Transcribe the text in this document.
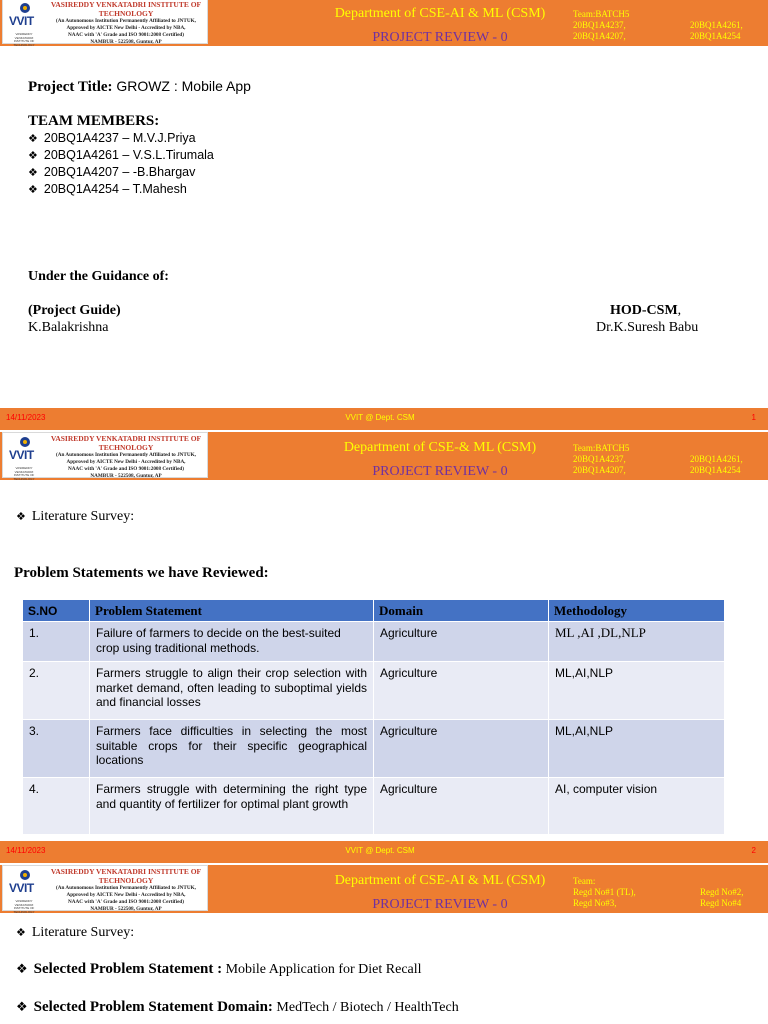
VVIT
VASIREDDY VENKATADRI
INSTITUTE OF TECHNOLOGY
VASIREDDY VENKATADRI INSTITUTE OF TECHNOLOGY
(An Autonomous Institution Permanently Affiliated to JNTUK,
Approved by AICTE New Delhi - Accredited by NBA,
NAAC with 'A' Grade and ISO 9001:2008 Certified)
NAMBUR - 522508, Guntur, AP
Department of CSE-AI & ML (CSM)
PROJECT REVIEW - 0
Team:BATCH5
20BQ1A4237,
20BQ1A4207,
20BQ1A4261,
20BQ1A4254
Project Title: GROWZ : Mobile App
TEAM MEMBERS:
❖ 20BQ1A4237 – M.V.J.Priya
❖ 20BQ1A4261 – V.S.L.Tirumala
❖ 20BQ1A4207 – -B.Bhargav
❖ 20BQ1A4254 – T.Mahesh
Under the Guidance of:
(Project Guide)
K.Balakrishna
HOD-CSM,
Dr.K.Suresh Babu
14/11/2023	VVIT @ Dept. CSM	1
VVIT
VASIREDDY VENKATADRI
INSTITUTE OF TECHNOLOGY
VASIREDDY VENKATADRI INSTITUTE OF TECHNOLOGY
(An Autonomous Institution Permanently Affiliated to JNTUK,
Approved by AICTE New Delhi - Accredited by NBA,
NAAC with 'A' Grade and ISO 9001:2008 Certified)
NAMBUR - 522508, Guntur, AP
Department of CSE-& ML (CSM)
PROJECT REVIEW - 0
Team:BATCH5
20BQ1A4237,
20BQ1A4207,
20BQ1A4261,
20BQ1A4254
❖ Literature Survey:
Problem Statements we have Reviewed:
S.NO	Problem Statement	Domain	Methodology
1.	Failure of farmers to decide on the best-suited crop using traditional methods.	Agriculture	ML ,AI ,DL,NLP
2.	Farmers struggle to align their crop selection with market demand, often leading to suboptimal yields and financial losses	Agriculture	ML,AI,NLP
3.	Farmers face difficulties in selecting the most suitable crops for their specific geographical locations	Agriculture	ML,AI,NLP
4.	Farmers struggle with determining the right type and quantity of fertilizer for optimal plant growth	Agriculture	AI, computer vision
14/11/2023	VVIT @ Dept. CSM	2
VVIT
VASIREDDY VENKATADRI
INSTITUTE OF TECHNOLOGY
VASIREDDY VENKATADRI INSTITUTE OF TECHNOLOGY
(An Autonomous Institution Permanently Affiliated to JNTUK,
Approved by AICTE New Delhi - Accredited by NBA,
NAAC with 'A' Grade and ISO 9001:2008 Certified)
NAMBUR - 522508, Guntur, AP
Department of CSE-AI & ML (CSM)
PROJECT REVIEW - 0
Team:
Regd No#1 (TL),
Regd No#3,
Regd No#2,
Regd No#4
❖ Literature Survey:
❖ Selected Problem Statement : Mobile Application for Diet Recall
❖ Selected Problem Statement Domain: MedTech / Biotech / HealthTech
